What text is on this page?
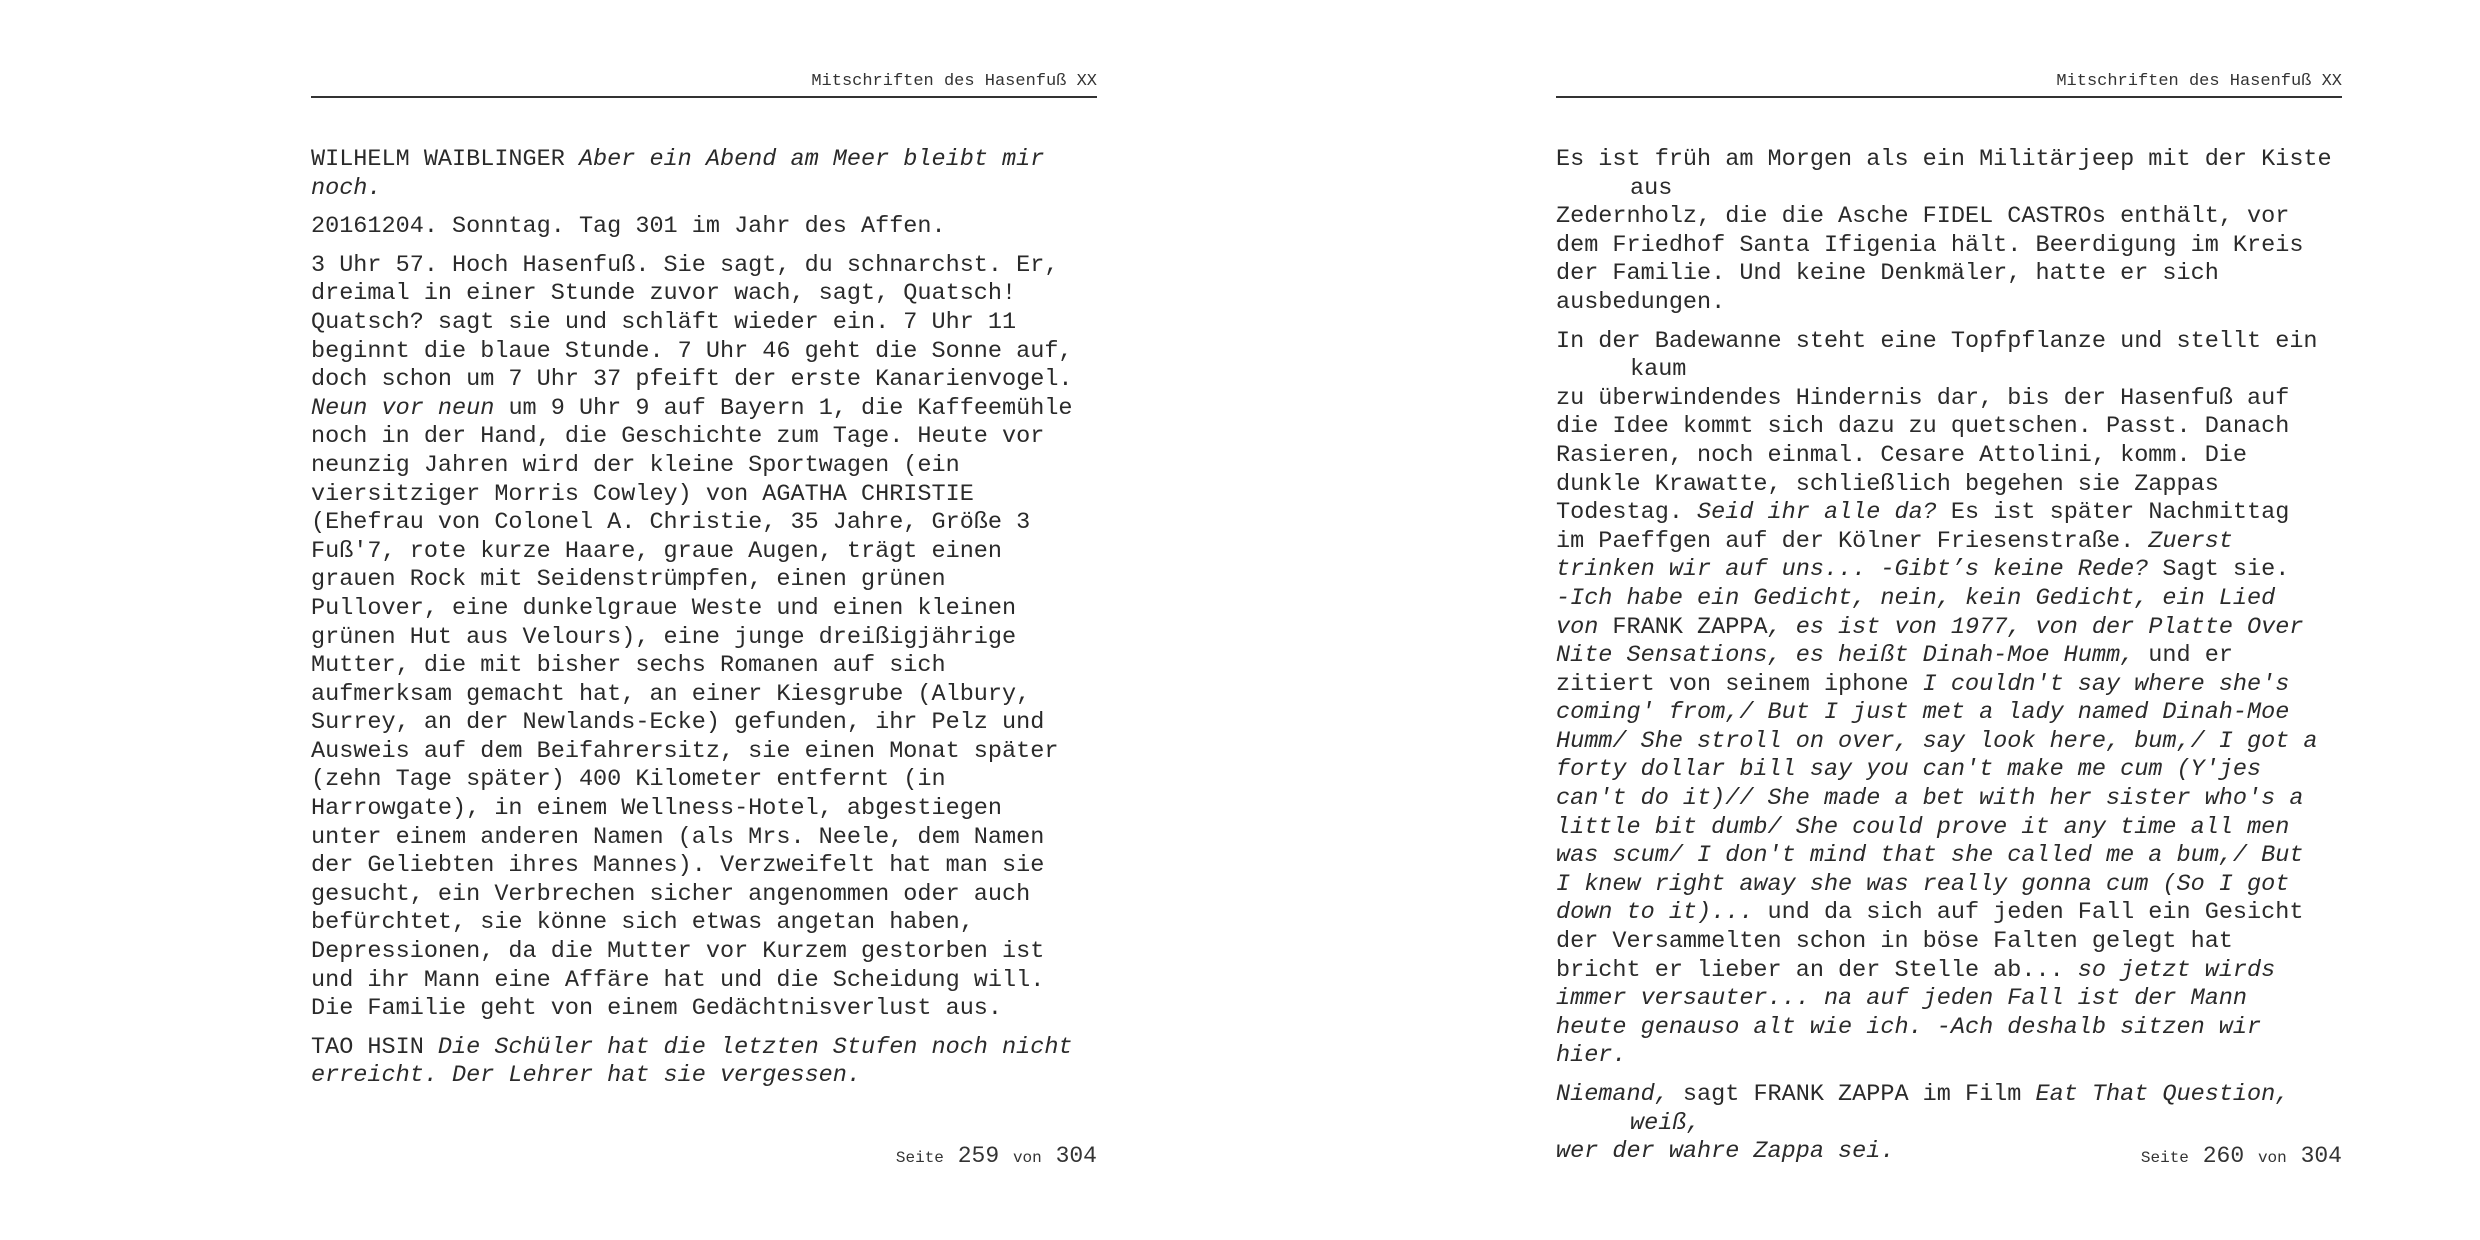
Mitschriften des Hasenfuß XX

WILHELM WAIBLINGER Aber ein Abend am Meer bleibt mir noch.

20161204. Sonntag. Tag 301 im Jahr des Affen.

3 Uhr 57. Hoch Hasenfuß. Sie sagt, du schnarchst. Er,
dreimal in einer Stunde zuvor wach, sagt, Quatsch!
Quatsch? sagt sie und schläft wieder ein. 7 Uhr 11
beginnt die blaue Stunde. 7 Uhr 46 geht die Sonne auf,
doch schon um 7 Uhr 37 pfeift der erste Kanarienvogel.
Neun vor neun um 9 Uhr 9 auf Bayern 1, die Kaffeemühle
noch in der Hand, die Geschichte zum Tage. Heute vor
neunzig Jahren wird der kleine Sportwagen (ein
viersitziger Morris Cowley) von AGATHA CHRISTIE
(Ehefrau von Colonel A. Christie, 35 Jahre, Größe 3
Fuß'7, rote kurze Haare, graue Augen, trägt einen
grauen Rock mit Seidenstrümpfen, einen grünen
Pullover, eine dunkelgraue Weste und einen kleinen
grünen Hut aus Velours), eine junge dreißigjährige
Mutter, die mit bisher sechs Romanen auf sich
aufmerksam gemacht hat, an einer Kiesgrube (Albury,
Surrey, an der Newlands-Ecke) gefunden, ihr Pelz und
Ausweis auf dem Beifahrersitz, sie einen Monat später
(zehn Tage später) 400 Kilometer entfernt (in
Harrowgate), in einem Wellness-Hotel, abgestiegen
unter einem anderen Namen (als Mrs. Neele, dem Namen
der Geliebten ihres Mannes). Verzweifelt hat man sie
gesucht, ein Verbrechen sicher angenommen oder auch
befürchtet, sie könne sich etwas angetan haben,
Depressionen, da die Mutter vor Kurzem gestorben ist
und ihr Mann eine Affäre hat und die Scheidung will.
Die Familie geht von einem Gedächtnisverlust aus.
TAO HSIN Die Schüler hat die letzten Stufen noch nicht
erreicht. Der Lehrer hat sie vergessen.
Seite 259 von 304
Mitschriften des Hasenfuß XX
Es ist früh am Morgen als ein Militärjeep mit der Kiste aus
Zedernholz, die die Asche FIDEL CASTROs enthält, vor
dem Friedhof Santa Ifigenia hält. Beerdigung im Kreis
der Familie. Und keine Denkmäler, hatte er sich
ausbedungen.
In der Badewanne steht eine Topfpflanze und stellt ein kaum
zu überwindendes Hindernis dar, bis der Hasenfuß auf
die Idee kommt sich dazu zu quetschen. Passt. Danach
Rasieren, noch einmal. Cesare Attolini, komm. Die
dunkle Krawatte, schließlich begehen sie Zappas
Todestag. Seid ihr alle da? Es ist später Nachmittag
im Paeffgen auf der Kölner Friesenstraße. Zuerst
trinken wir auf uns... -Gibt’s keine Rede? Sagt sie.
-Ich habe ein Gedicht, nein, kein Gedicht, ein Lied
von FRANK ZAPPA, es ist von 1977, von der Platte Over
Nite Sensations, es heißt Dinah-Moe Humm, und er
zitiert von seinem iphone I couldn't say where she's
coming' from,/ But I just met a lady named Dinah-Moe
Humm/ She stroll on over, say look here, bum,/ I got a
forty dollar bill say you can't make me cum (Y'jes
can't do it)// She made a bet with her sister who's a
little bit dumb/ She could prove it any time all men
was scum/ I don't mind that she called me a bum,/ But
I knew right away she was really gonna cum (So I got
down to it)... und da sich auf jeden Fall ein Gesicht
der Versammelten schon in böse Falten gelegt hat
bricht er lieber an der Stelle ab... so jetzt wirds
immer versauter... na auf jeden Fall ist der Mann
heute genauso alt wie ich. -Ach deshalb sitzen wir
hier.
Niemand, sagt FRANK ZAPPA im Film Eat That Question, weiß,
wer der wahre Zappa sei.	Seite 260 von 304
